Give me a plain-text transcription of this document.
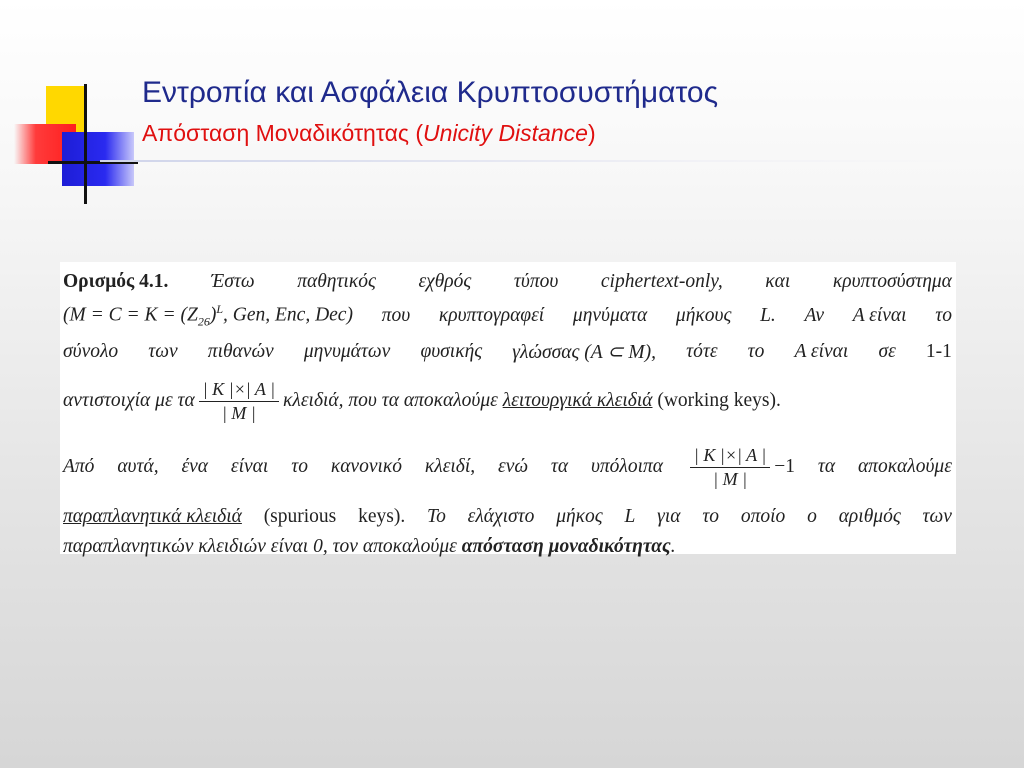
Εντροπία και Ασφάλεια Κρυπτοσυστήματος
Απόσταση Μοναδικότητας (Unicity Distance)
Ορισμός 4.1. Έστω παθητικός εχθρός τύπου ciphertext-only, και κρυπτοσύστημα
($M = C = K = (Z_{26})^L$, Gen, Enc, Dec) που κρυπτογραφεί μηνύματα μήκους L. Αν A είναι το
σύνολο των πιθανών μηνυμάτων φυσικής γλώσσας (A ⊂ M), τότε το A είναι σε 1-1
αντιστοιχία με τα $\frac{| K |\times| A |}{| M |} \kappa\lambda\varepsilon\iota\delta\iota ά$, που τα αποκαλούμε
λειτουργικά κλειδιά
(working keys).
Από αυτά, ένα είναι το κανονικό κλειδί, ενώ τα υπόλοιπα $\frac{| K |\times| A |}{| M |} -1$ τα αποκαλούμε
παραπλανητικά κλειδιά (spurious keys). Το ελάχιστο μήκος L για το οποίο ο αριθμός των
παραπλανητικών κλειδιών είναι 0, τον αποκαλούμε
απόσταση μοναδικότητας .
